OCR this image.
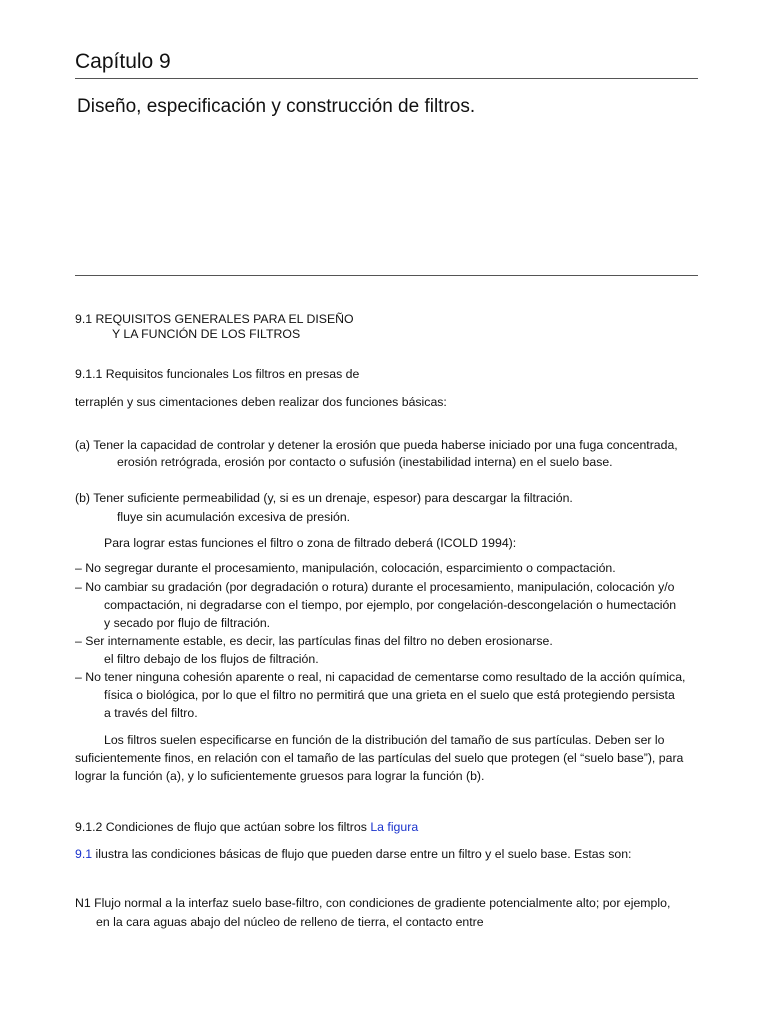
Capítulo 9
Diseño, especificación y construcción de filtros.
9.1 REQUISITOS GENERALES PARA EL DISEÑO
Y LA FUNCIÓN DE LOS FILTROS
9.1.1 Requisitos funcionales Los filtros en presas de
terraplén y sus cimentaciones deben realizar dos funciones básicas:
(a) Tener la capacidad de controlar y detener la erosión que pueda haberse iniciado por una fuga concentrada,
erosión retrógrada, erosión por contacto o sufusión (inestabilidad interna) en el suelo base.
(b) Tener suficiente permeabilidad (y, si es un drenaje, espesor) para descargar la filtración.
fluye sin acumulación excesiva de presión.
Para lograr estas funciones el filtro o zona de filtrado deberá (ICOLD 1994):
– No segregar durante el procesamiento, manipulación, colocación, esparcimiento o compactación.
– No cambiar su gradación (por degradación o rotura) durante el procesamiento, manipulación, colocación y/o
compactación, ni degradarse con el tiempo, por ejemplo, por congelación-descongelación o humectación
y secado por flujo de filtración.
– Ser internamente estable, es decir, las partículas finas del filtro no deben erosionarse.
el filtro debajo de los flujos de filtración.
– No tener ninguna cohesión aparente o real, ni capacidad de cementarse como resultado de la acción química,
física o biológica, por lo que el filtro no permitirá que una grieta en el suelo que está protegiendo persista
a través del filtro.
Los filtros suelen especificarse en función de la distribución del tamaño de sus partículas. Deben ser lo
suficientemente finos, en relación con el tamaño de las partículas del suelo que protegen (el “suelo base”), para
lograr la función (a), y lo suficientemente gruesos para lograr la función (b).
9.1.2 Condiciones de flujo que actúan sobre los filtros La figura
9.1 ilustra las condiciones básicas de flujo que pueden darse entre un filtro y el suelo base. Estas son:
N1 Flujo normal a la interfaz suelo base-filtro, con condiciones de gradiente potencialmente alto; por ejemplo,
en la cara aguas abajo del núcleo de relleno de tierra, el contacto entre
